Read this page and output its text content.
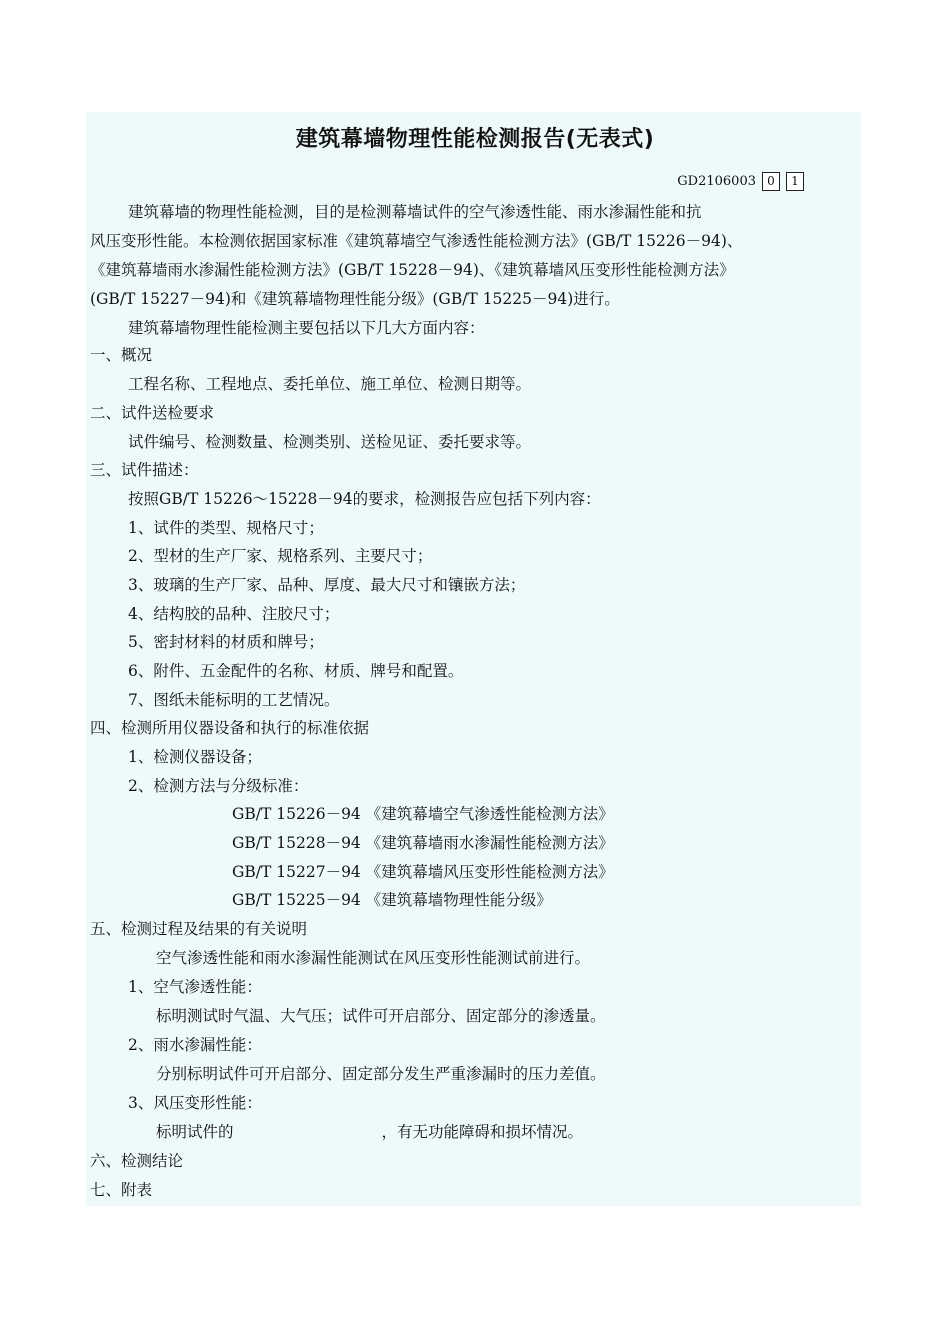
建筑幕墙物理性能检测报告(无表式)
GD2106003 0	1
建筑幕墙的物理性能检测，目的是检测幕墙试件的空气渗透性能、雨水渗漏性能和抗
风压变形性能。本检测依据国家标准《建筑幕墙空气渗透性能检测方法》(GB/T 15226－94)、
《建筑幕墙雨水渗漏性能检测方法》(GB/T 15228－94)、《建筑幕墙风压变形性能检测方法》
(GB/T 15227－94)和《建筑幕墙物理性能分级》(GB/T 15225－94)进行。
建筑幕墙物理性能检测主要包括以下几大方面内容：
一、概况
工程名称、工程地点、委托单位、施工单位、检测日期等。
二、试件送检要求
试件编号、检测数量、检测类别、送检见证、委托要求等。
三、试件描述：
按照GB/T 15226～15228－94的要求，检测报告应包括下列内容：
1、试件的类型、规格尺寸；
2、型材的生产厂家、规格系列、主要尺寸；
3、玻璃的生产厂家、品种、厚度、最大尺寸和镶嵌方法；
4、结构胶的品种、注胶尺寸；
5、密封材料的材质和牌号；
6、附件、五金配件的名称、材质、牌号和配置。
7、图纸未能标明的工艺情况。
四、检测所用仪器设备和执行的标准依据
1、检测仪器设备；
2、检测方法与分级标准：
GB/T 15226－94 《建筑幕墙空气渗透性能检测方法》
GB/T 15228－94 《建筑幕墙雨水渗漏性能检测方法》
GB/T 15227－94 《建筑幕墙风压变形性能检测方法》
GB/T 15225－94 《建筑幕墙物理性能分级》
五、检测过程及结果的有关说明
空气渗透性能和雨水渗漏性能测试在风压变形性能测试前进行。
1、空气渗透性能：
标明测试时气温、大气压；试件可开启部分、固定部分的渗透量。
2、雨水渗漏性能：
分别标明试件可开启部分、固定部分发生严重渗漏时的压力差值。
3、风压变形性能：
标明试件的	，有无功能障碍和损坏情况。
六、检测结论
七、附表
